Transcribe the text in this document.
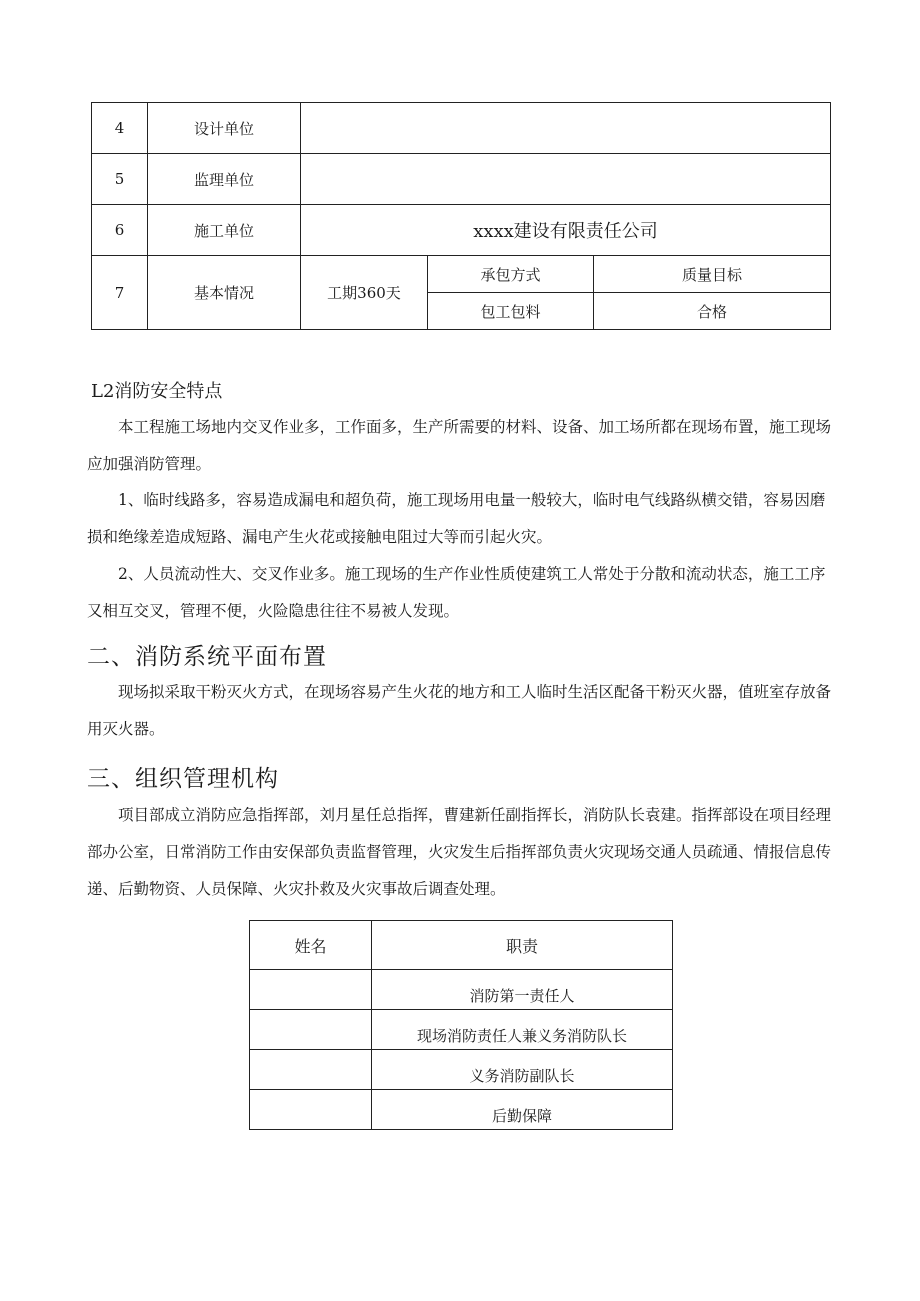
4	设计单位			
5	监理单位			
6	施工单位	xxxx建设有限责任公司		
7	基本情况	工期360天	承包方式	质量目标
			包工包料	合格
L2消防安全特点

本工程施工场地内交叉作业多，工作面多，生产所需要的材料、设备、加工场所都在现场布置，施工现场应加强消防管理。

1、临时线路多，容易造成漏电和超负荷，施工现场用电量一般较大，临时电气线路纵横交错，容易因磨损和绝缘差造成短路、漏电产生火花或接触电阻过大等而引起火灾。

2、人员流动性大、交叉作业多。施工现场的生产作业性质使建筑工人常处于分散和流动状态，施工工序又相互交叉，管理不便，火险隐患往往不易被人发现。

二、消防系统平面布置

现场拟采取干粉灭火方式，在现场容易产生火花的地方和工人临时生活区配备干粉灭火器，值班室存放备用灭火器。

三、组织管理机构

项目部成立消防应急指挥部，刘月星任总指挥，曹建新任副指挥长，消防队长袁建。指挥部设在项目经理部办公室，日常消防工作由安保部负责监督管理，火灾发生后指挥部负责火灾现场交通人员疏通、情报信息传递、后勤物资、人员保障、火灾扑救及火灾事故后调查处理。

姓名	职责
	消防第一责任人
	现场消防责任人兼义务消防队长
	义务消防副队长
	后勤保障
